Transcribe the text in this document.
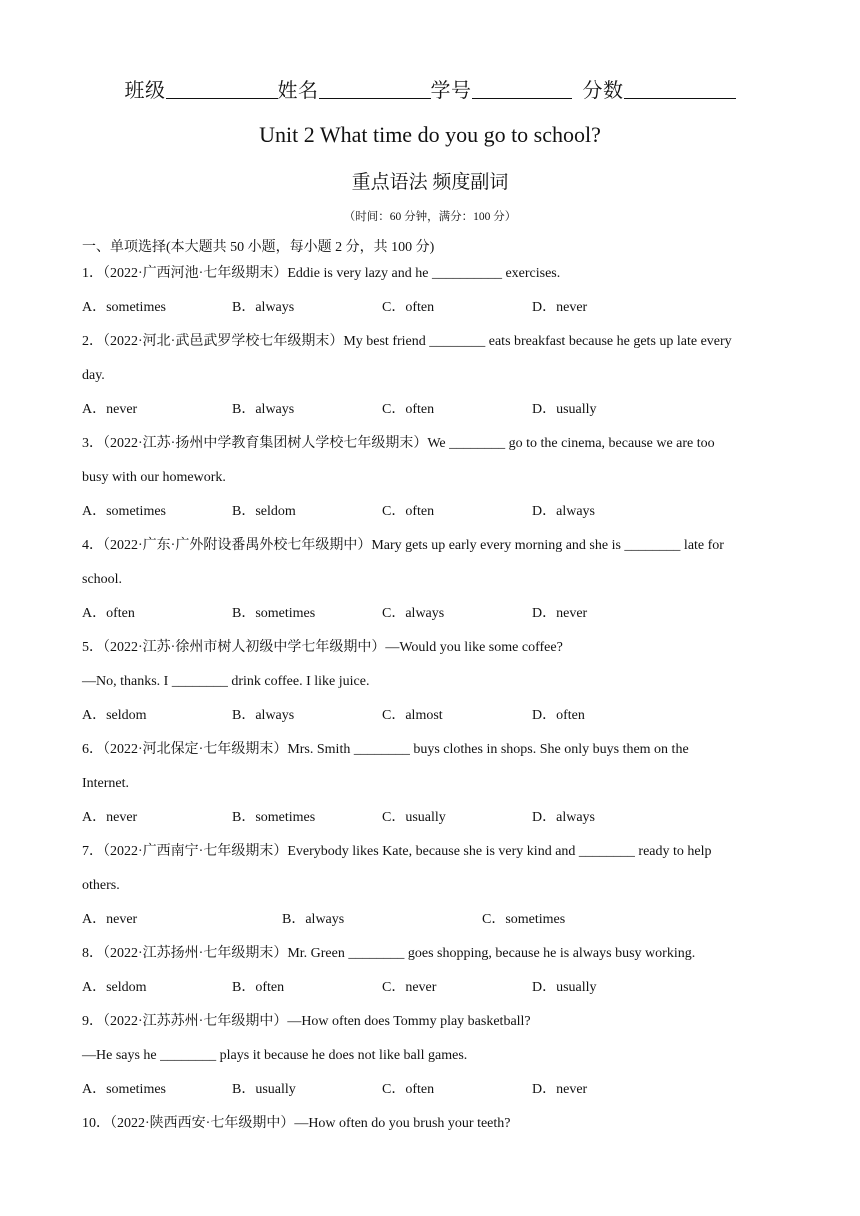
班级	姓名	学号	分数
Unit 2 What time do you go to school?
重点语法 频度副词
（时间：60 分钟，满分：100 分）
一、单项选择(本大题共 50 小题，每小题 2 分，共 100 分)
1．（2022·广西河池·七年级期末）Eddie is very lazy and he __________ exercises.
A．sometimes	B．always	C．often	D．never
2．（2022·河北·武邑武罗学校七年级期末）My best friend ________ eats breakfast because he gets up late every
day.
A．never	B．always	C．often	D．usually
3．（2022·江苏·扬州中学教育集团树人学校七年级期末）We ________ go to the cinema, because we are too
busy with our homework.
A．sometimes	B．seldom	C．often	D．always
4．（2022·广东·广外附设番禺外校七年级期中）Mary gets up early every morning and she is ________ late for
school.
A．often	B．sometimes	C．always	D．never
5．（2022·江苏·徐州市树人初级中学七年级期中）—Would you like some coffee?
—No, thanks. I ________ drink coffee. I like juice.
A．seldom	B．always	C．almost	D．often
6．（2022·河北保定·七年级期末）Mrs. Smith ________ buys clothes in shops. She only buys them on the
Internet.
A．never	B．sometimes	C．usually	D．always
7．（2022·广西南宁·七年级期末）Everybody likes Kate, because she is very kind and ________ ready to help
others.
A．never	B．always	C．sometimes
8．（2022·江苏扬州·七年级期末）Mr. Green ________ goes shopping, because he is always busy working.
A．seldom	B．often	C．never	D．usually
9．（2022·江苏苏州·七年级期中）—How often does Tommy play basketball?
—He says he ________ plays it because he does not like ball games.
A．sometimes	B．usually	C．often	D．never
10．（2022·陕西西安·七年级期中）—How often do you brush your teeth?
